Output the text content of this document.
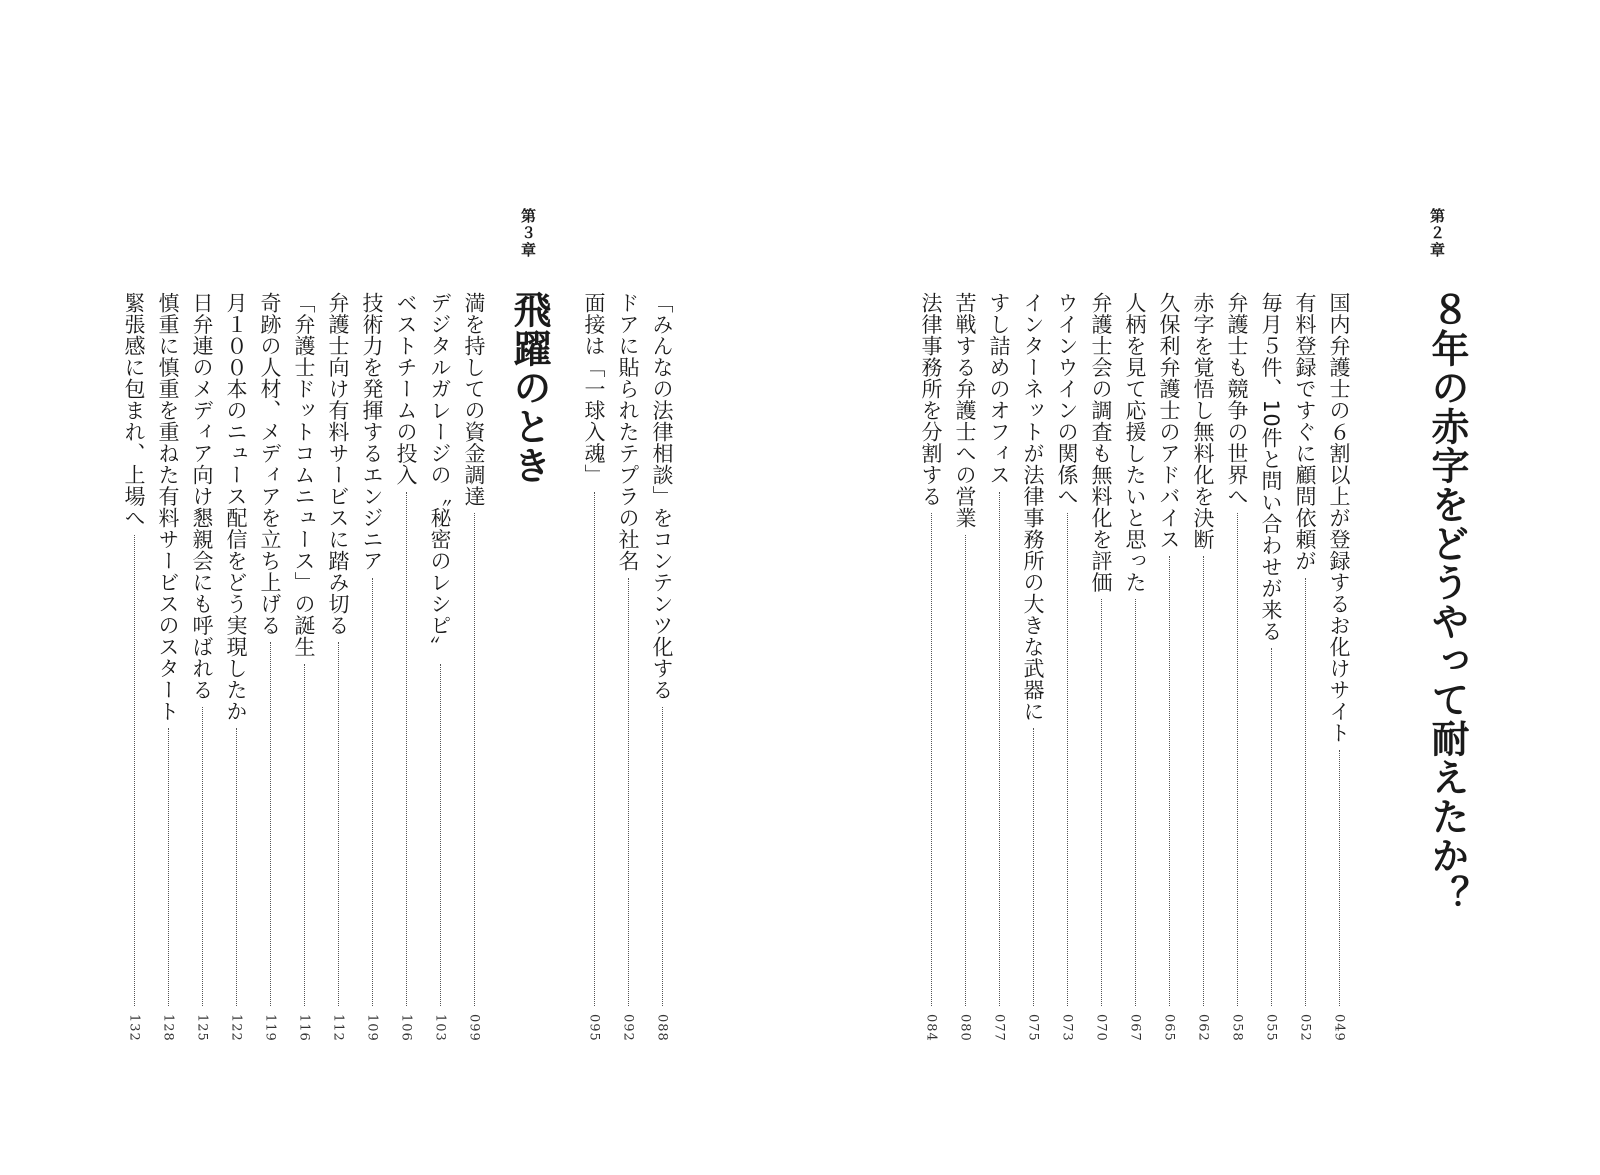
第３章
飛躍のとき	「みんなの法律相談」をコンテンツ化する
088
ドアに貼られたテプラの社名
092
面接は「一球入魂」
095
満を持しての資金調達
099
デジタルガレージの〝秘密のレシピ〟
103
ベストチームの投入
106
技術力を発揮するエンジニア
109
弁護士向け有料サービスに踏み切る
112
「弁護士ドットコムニュース」の誕生
116
奇跡の人材、メディアを立ち上げる
119
月１００本のニュース配信をどう実現したか
122
日弁連のメディア向け懇親会にも呼ばれる
125
慎重に慎重を重ねた有料サービスのスタート
128
緊張感に包まれ、上場へ
132
第２章
８年の赤字をどうやって耐えたか？
国内弁護士の６割以上が登録するお化けサイト
049
有料登録ですぐに顧問依頼が
052
毎月５件、10件と問い合わせが来る
055
弁護士も競争の世界へ
058
赤字を覚悟し無料化を決断
062
久保利弁護士のアドバイス
065
人柄を見て応援したいと思った
067
弁護士会の調査も無料化を評価
070
ウインウインの関係へ
073
インターネットが法律事務所の大きな武器に
075
すし詰めのオフィス
077
苦戦する弁護士への営業
080
法律事務所を分割する
084
